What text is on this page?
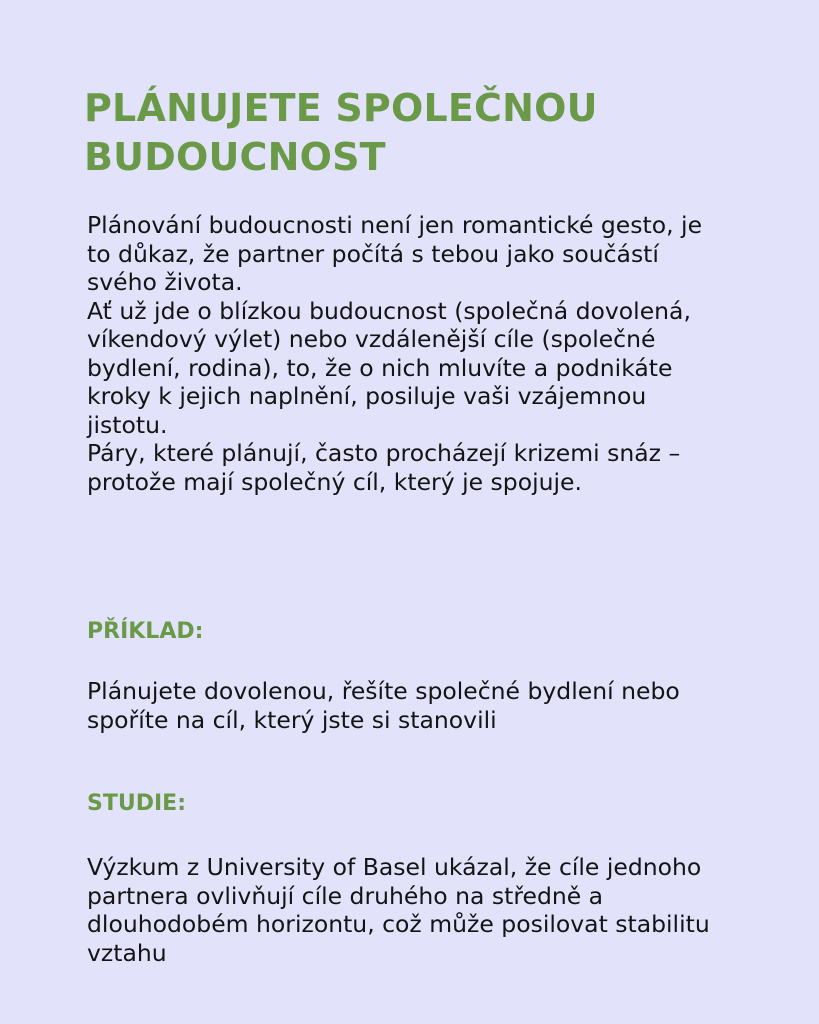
PLÁNUJETE SPOLEČNOU
BUDOUCNOST

Plánování budoucnosti není jen romantické gesto, je to důkaz, že partner počítá s tebou jako součástí svého života.

Ať už jde o blízkou budoucnost (společná dovolená, víkendový výlet) nebo vzdálenější cíle (společné bydlení, rodina), to, že o nich mluvíte a podnikáte kroky k jejich naplnění, posiluje vaši vzájemnou jistotu.

Páry, které plánují, často procházejí krizemi snáz – protože mají společný cíl, který je spojuje.

PŘÍKLAD:

Plánujete dovolenou, řešíte společné bydlení nebo spoříte na cíl, který jste si stanovili

STUDIE:

Výzkum z University of Basel ukázal, že cíle jednoho partnera ovlivňují cíle druhého na středně a dlouhodobém horizontu, což může posilovat stabilitu vztahu
